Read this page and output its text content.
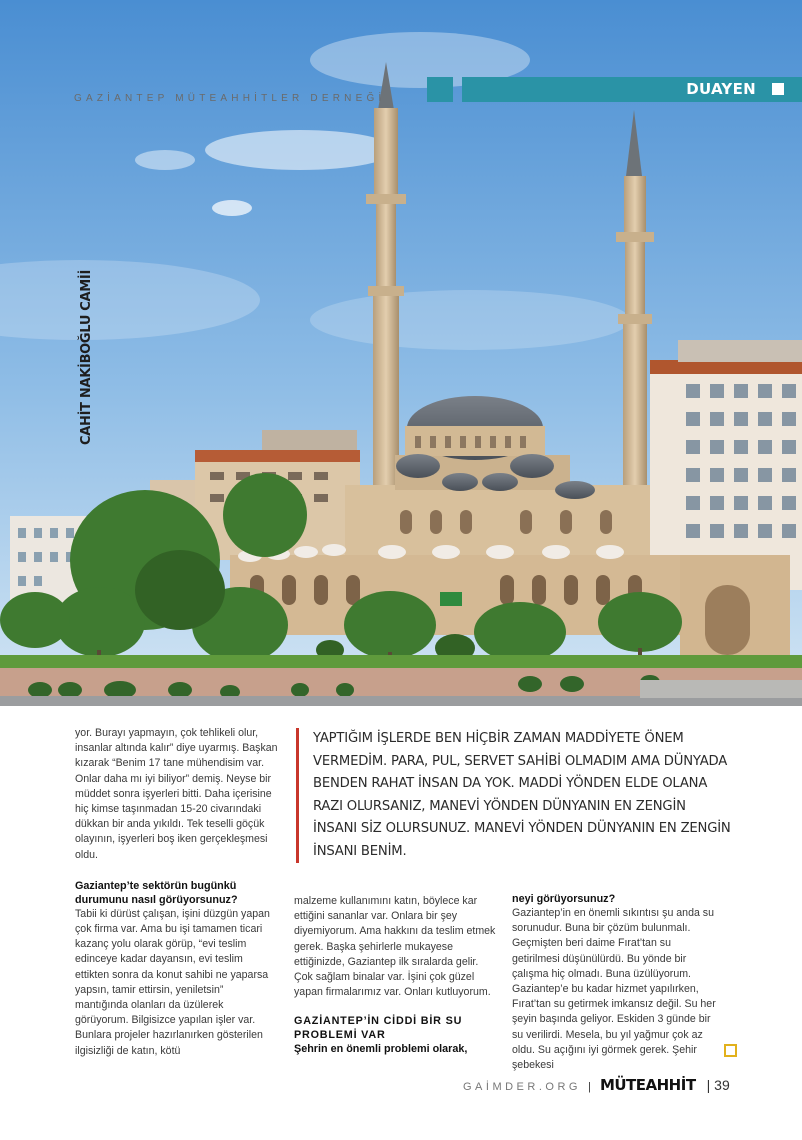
GAZİANTEP MÜTEAHHİTLER DERNEĞİ
DUAYEN
CAHİT NAKİBOĞLU CAMİİ
YAPTIĞIM İŞLERDE BEN HİÇBİR ZAMAN MADDİYETE ÖNEM VERMEDİM. PARA, PUL, SERVET SAHİBİ OLMADIM AMA DÜNYADA BENDEN RAHAT İNSAN DA YOK. MADDİ YÖNDEN ELDE OLANA RAZI OLURSANIZ, MANEVİ YÖNDEN DÜNYANIN EN ZENGİN İNSANI SİZ OLURSUNUZ. MANEVİ YÖNDEN DÜNYANIN EN ZENGİN İNSANI BENİM.

yor. Burayı yapmayın, çok tehlikeli olur, insanlar altında kalır” diye uyarmış. Başkan kızarak “Benim 17 tane mühendisim var. Onlar daha mı iyi biliyor” demiş. Neyse bir müddet sonra işyerleri bitti. Daha içerisine hiç kimse taşınmadan 15-20 civarındaki dükkan bir anda yıkıldı. Tek teselli göçük olayının, işyerleri boş iken gerçekleşmesi oldu.

Gaziantep’te sektörün bugünkü durumunu nasıl görüyorsunuz?

Tabii ki dürüst çalışan, işini düzgün yapan çok firma var. Ama bu işi tamamen ticari kazanç yolu olarak görüp, “evi teslim edinceye kadar dayansın, evi teslim ettikten sonra da konut sahibi ne yaparsa yapsın, tamir ettirsin, yeniletsin” mantığında olanları da üzülerek görüyorum. Bilgisizce yapılan işler var. Bunlara projeler hazırlanırken gösterilen ilgisizliği de katın, kötü

malzeme kullanımını katın, böylece kar ettiğini sananlar var. Onlara bir şey diyemiyorum. Ama hakkını da teslim etmek gerek. Başka şehirlerle mukayese ettiğinizde, Gaziantep ilk sıralarda gelir. Çok sağlam binalar var. İşini çok güzel yapan firmalarımız var. Onları kutluyorum.

GAZİANTEP’İN CİDDİ BİR SU PROBLEMİ VAR

Şehrin en önemli problemi olarak,

neyi görüyorsunuz?

Gaziantep’in en önemli sıkıntısı şu anda su sorunudur. Buna bir çözüm bulunmalı. Geçmişten beri daime Fırat’tan su getirilmesi düşünülürdü. Bu yönde bir çalışma hiç olmadı. Buna üzülüyorum. Gaziantep’e bu kadar hizmet yapılırken, Fırat’tan su getirmek imkansız değil. Su her şeyin başında geliyor. Eskiden 3 günde bir su verilirdi. Mesela, bu yıl yağmur çok az oldu. Su açığını iyi görmek gerek. Şehir şebekesi

GAİMDER.ORG | MÜTEAHHİT | 39
